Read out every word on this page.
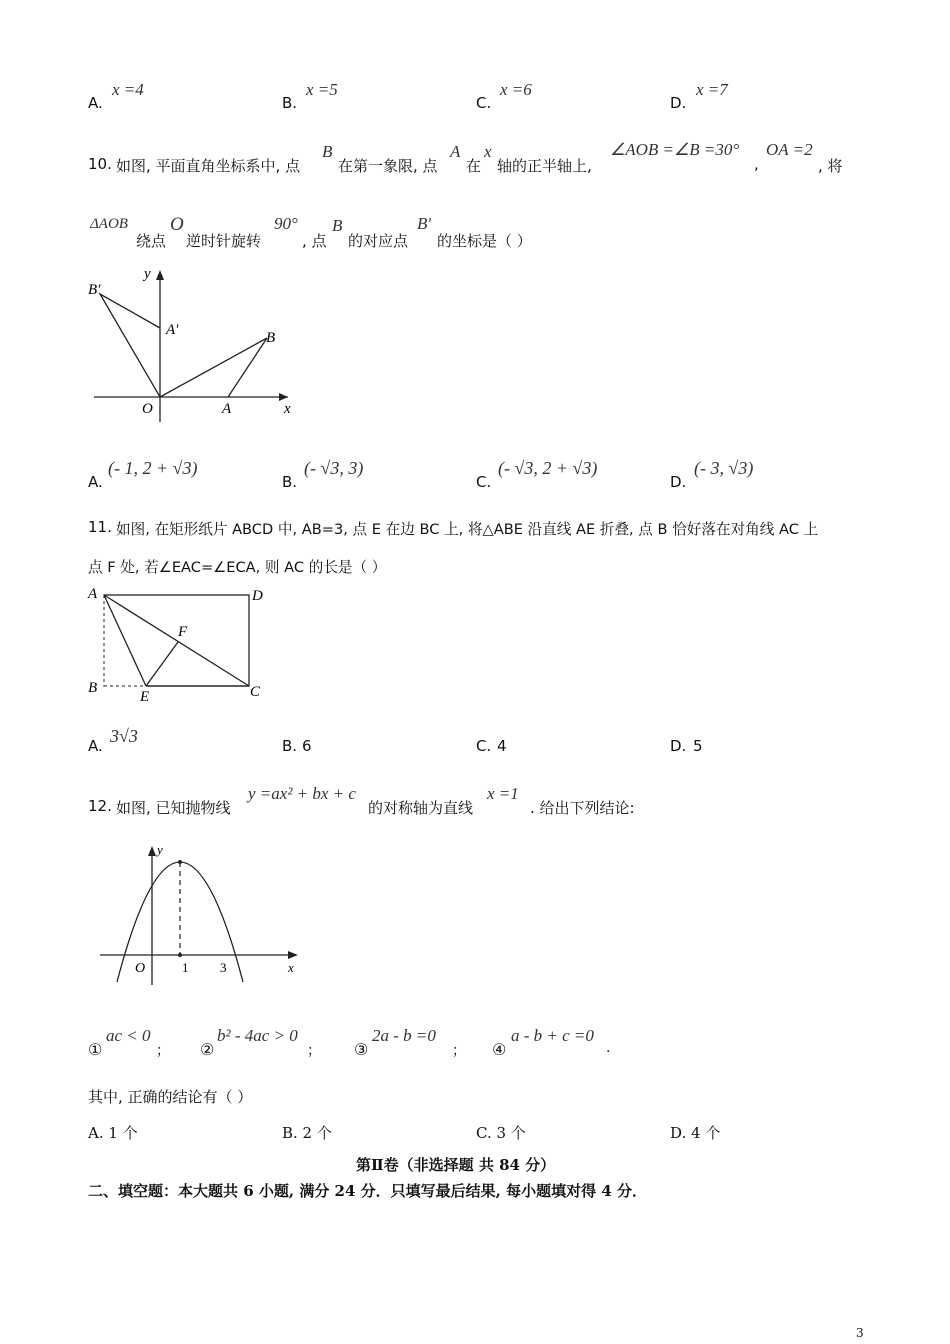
A.
x =4
B.
x =5
C.
x =6
D.
x =7
10. 如图, 平面直角坐标系中, 点
B
在第一象限, 点
A
在
x
轴的正半轴上,
∠AOB =∠B =30°
,
OA =2
, 将
ΔAOB
绕点
O
逆时针旋转
90°
, 点
B
的对应点
B′
的坐标是（ ）
B′
A′	B
O	A	x
y
A.
(- 1, 2 + √3)
B.
(- √3, 3)
C.
(- √3, 2 + √3)
D.
(- 3, √3)
11. 如图, 在矩形纸片 ABCD 中, AB=3, 点 E 在边 BC 上, 将△ABE 沿直线 AE 折叠, 点 B 恰好落在对角线 AC 上
点 F 处, 若∠EAC=∠ECA, 则 AC 的长是（ ）
A	D
F
B
E	C
A. 3√3	B. 6	C. 4	D. 5
12. 如图, 已知抛物线
y =ax² + bx + c
的对称轴为直线
x =1
. 给出下列结论:
y
O	1 3	x
①
ac < 0
； ②
b² - 4ac > 0
； ③
2a - b =0
； ④
a - b + c =0
.
其中, 正确的结论有（ ）
A. 1 个	B. 2 个	C. 3 个	D. 4 个
第Ⅱ卷（非选择题 共 84 分）
二、填空题：本大题共 6 小题, 满分 24 分．只填写最后结果, 每小题填对得 4 分．
3
